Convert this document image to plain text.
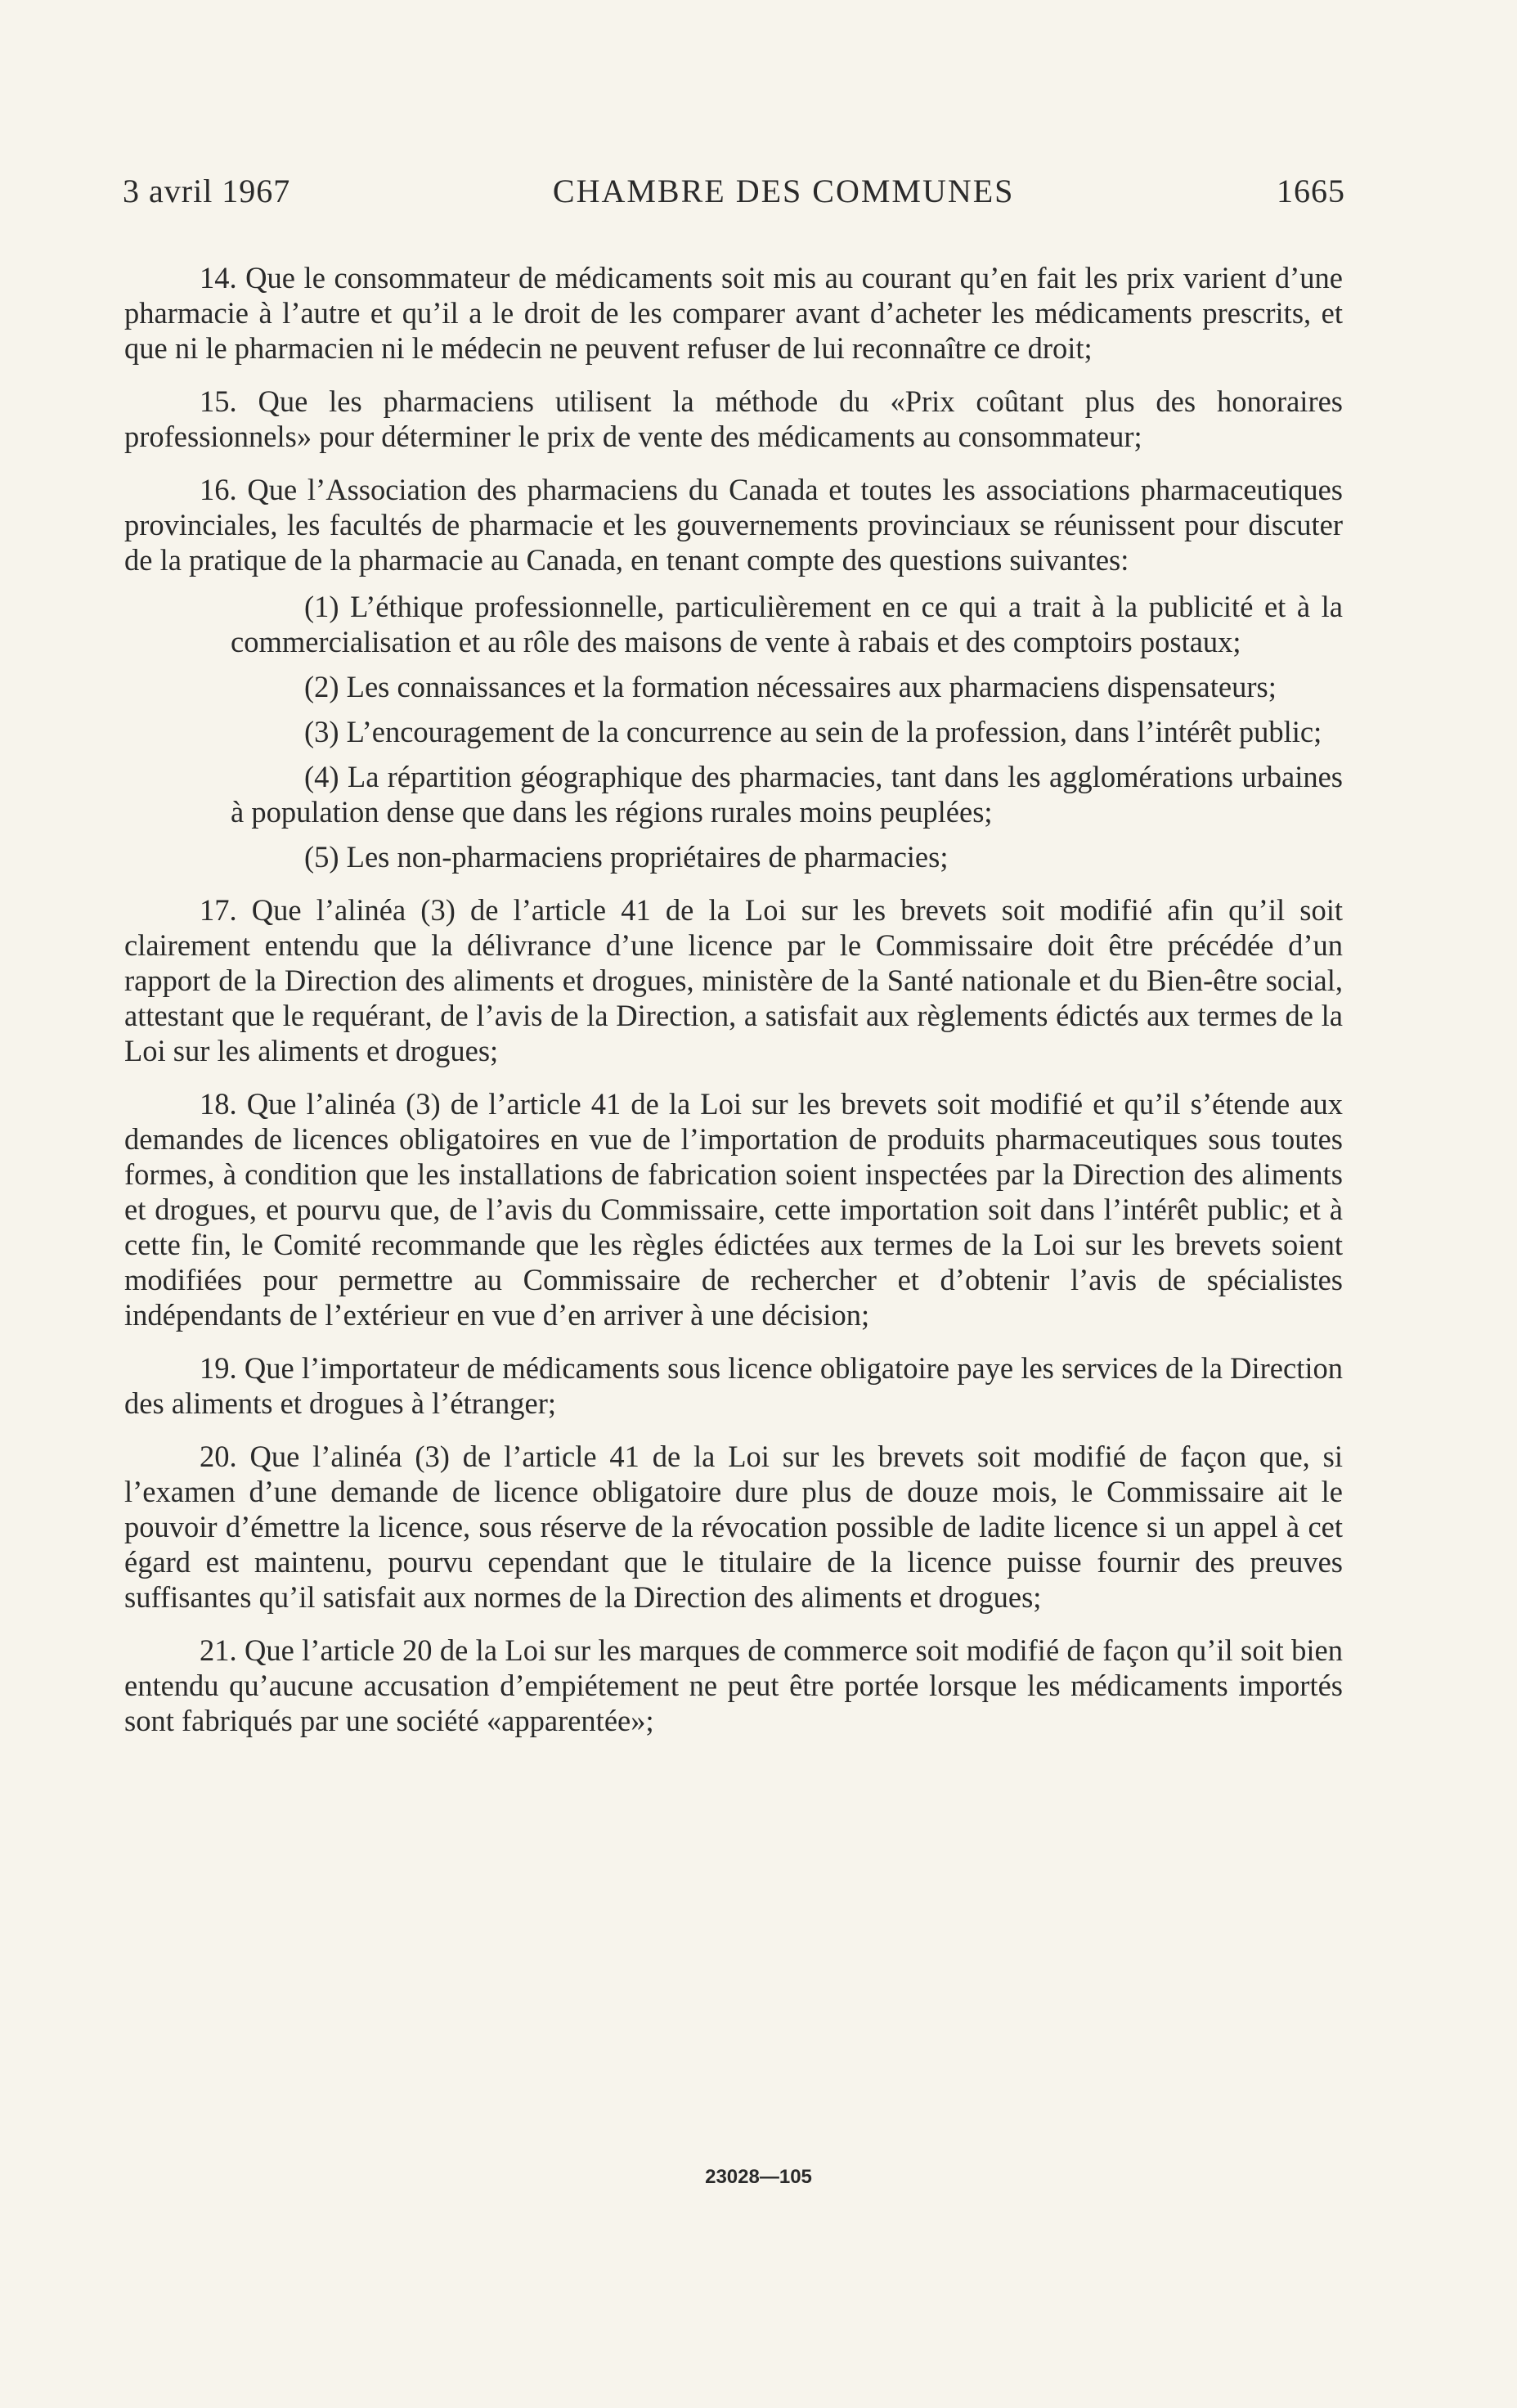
3 avril 1967	CHAMBRE DES COMMUNES	1665

14. Que le consommateur de médicaments soit mis au courant qu’en fait les prix varient d’une pharmacie à l’autre et qu’il a le droit de les comparer avant d’acheter les médicaments prescrits, et que ni le pharmacien ni le médecin ne peuvent refuser de lui reconnaître ce droit;

15. Que les pharmaciens utilisent la méthode du «Prix coûtant plus des honoraires professionnels» pour déterminer le prix de vente des médicaments au consommateur;

16. Que l’Association des pharmaciens du Canada et toutes les associations pharmaceutiques provinciales, les facultés de pharmacie et les gouvernements provinciaux se réunissent pour discuter de la pratique de la pharmacie au Canada, en tenant compte des questions suivantes:

(1) L’éthique professionnelle, particulièrement en ce qui a trait à la publicité et à la commercialisation et au rôle des maisons de vente à rabais et des comptoirs postaux;

(2) Les connaissances et la formation nécessaires aux pharmaciens dispensateurs;

(3) L’encouragement de la concurrence au sein de la profession, dans l’intérêt public;

(4) La répartition géographique des pharmacies, tant dans les agglomérations urbaines à population dense que dans les régions rurales moins peuplées;

(5) Les non-pharmaciens propriétaires de pharmacies;

17. Que l’alinéa (3) de l’article 41 de la Loi sur les brevets soit modifié afin qu’il soit clairement entendu que la délivrance d’une licence par le Commissaire doit être précédée d’un rapport de la Direction des aliments et drogues, ministère de la Santé nationale et du Bien-être social, attestant que le requérant, de l’avis de la Direction, a satisfait aux règlements édictés aux termes de la Loi sur les aliments et drogues;

18. Que l’alinéa (3) de l’article 41 de la Loi sur les brevets soit modifié et qu’il s’étende aux demandes de licences obligatoires en vue de l’importation de produits pharmaceutiques sous toutes formes, à condition que les installations de fabrication soient inspectées par la Direction des aliments et drogues, et pourvu que, de l’avis du Commissaire, cette importation soit dans l’intérêt public; et à cette fin, le Comité recommande que les règles édictées aux termes de la Loi sur les brevets soient modifiées pour permettre au Commissaire de rechercher et d’obtenir l’avis de spécialistes indépendants de l’extérieur en vue d’en arriver à une décision;

19. Que l’importateur de médicaments sous licence obligatoire paye les services de la Direction des aliments et drogues à l’étranger;

20. Que l’alinéa (3) de l’article 41 de la Loi sur les brevets soit modifié de façon que, si l’examen d’une demande de licence obligatoire dure plus de douze mois, le Commissaire ait le pouvoir d’émettre la licence, sous réserve de la révocation possible de ladite licence si un appel à cet égard est maintenu, pourvu cependant que le titulaire de la licence puisse fournir des preuves suffisantes qu’il satisfait aux normes de la Direction des aliments et drogues;

21. Que l’article 20 de la Loi sur les marques de commerce soit modifié de façon qu’il soit bien entendu qu’aucune accusation d’empiétement ne peut être portée lorsque les médicaments importés sont fabriqués par une société «apparentée»;

23028—105
